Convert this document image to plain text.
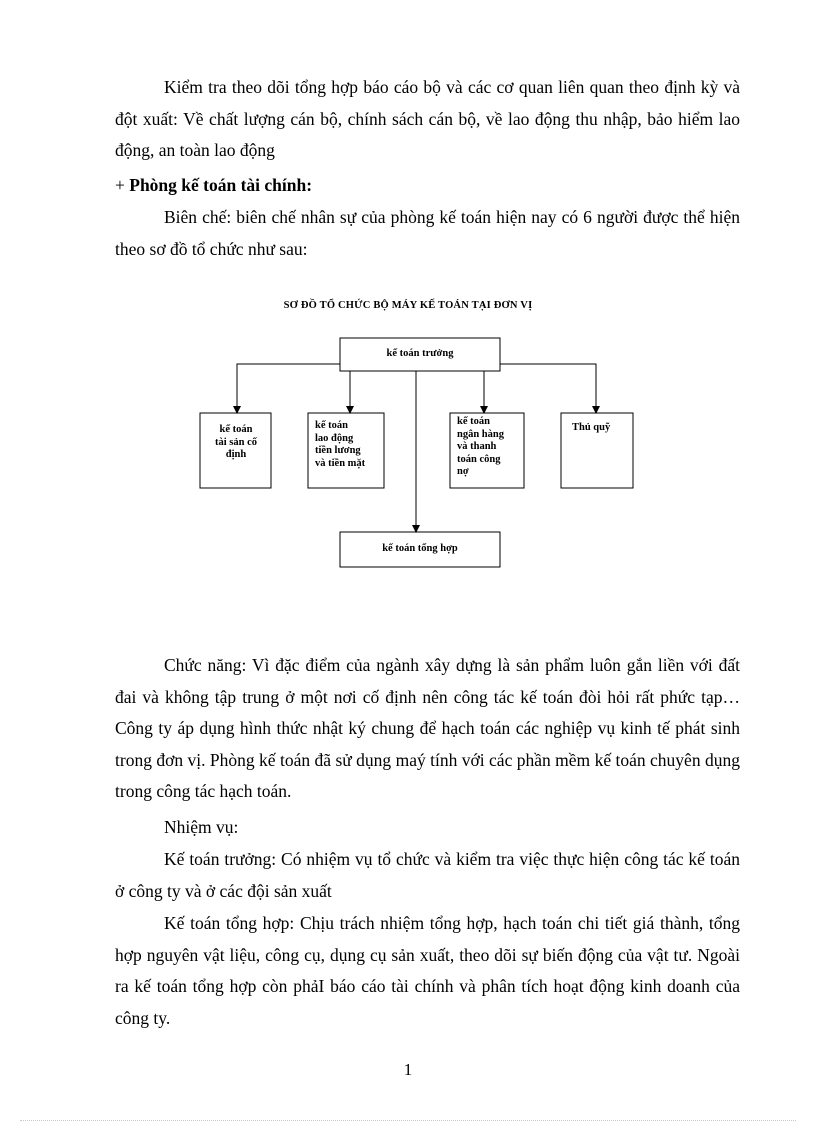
Kiểm tra theo dõi tổng hợp báo cáo bộ và các cơ quan liên quan theo định kỳ và đột xuất: Về chất lượng cán bộ, chính sách cán bộ, về lao động thu nhập, bảo hiểm lao động, an toàn lao động

+ Phòng kế toán tài chính:

Biên chế: biên chế nhân sự của phòng kế toán hiện nay có 6 người được thể hiện theo sơ đồ tổ chức như sau:

SƠ ĐỒ TỔ CHỨC BỘ MÁY KẾ TOÁN TẠI ĐƠN VỊ
kế toán trưởng
kế toán
tài sản cố
định
kế toán
lao động
tiền lương
và tiền mặt
kế toán
ngân hàng
và thanh
toán công
nợ
Thủ quỹ
kế toán tổng hợp

Chức năng: Vì đặc điểm của ngành xây dựng là sản phẩm luôn gắn liền với đất đai và không tập trung ở một nơi cố định nên công tác kế toán đòi hỏi rất phức tạp… Công ty áp dụng hình thức nhật ký chung để hạch toán các nghiệp vụ kinh tế phát sinh trong đơn vị. Phòng kế toán đã sử dụng maý tính với các phần mềm kế toán chuyên dụng trong công tác hạch toán.

Nhiệm vụ:

Kế toán trưởng: Có nhiệm vụ tổ chức và kiểm tra việc thực hiện công tác kế toán ở công ty và ở các đội sản xuất

Kế toán tổng hợp: Chịu trách nhiệm tổng hợp, hạch toán chi tiết giá thành, tổng hợp nguyên vật liệu, công cụ, dụng cụ sản xuất, theo dõi sự biến động của vật tư. Ngoài ra kế toán tổng hợp còn phảI báo cáo tài chính và phân tích hoạt động kinh doanh của công ty.

1
